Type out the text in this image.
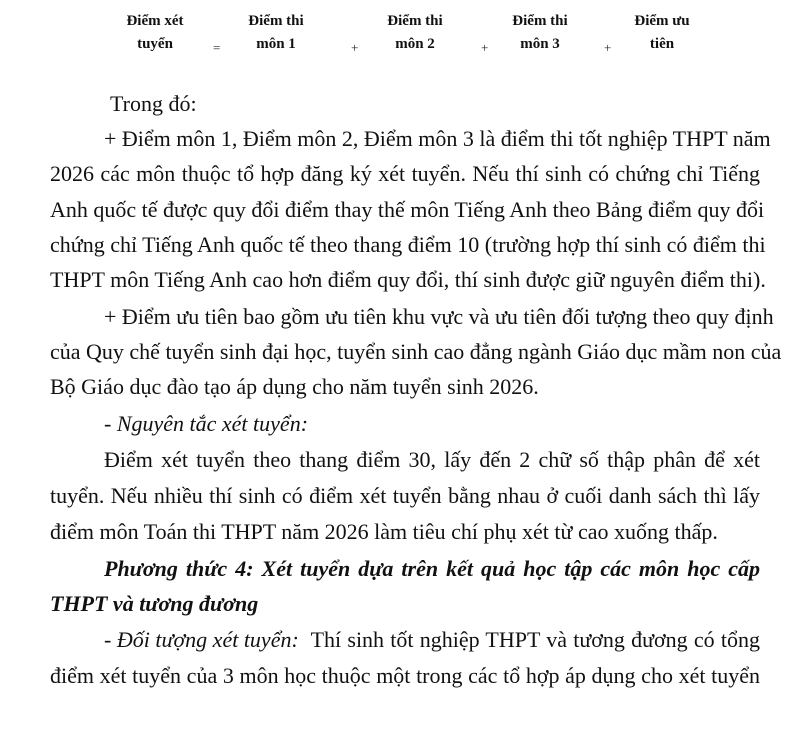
Điểm xét
tuyển	=
Điểm thi
môn 1	+
Điểm thi
môn 2	+
Điểm thi
môn 3	+
Điểm ưu
tiên
Trong đó:
+ Điểm môn 1, Điểm môn 2, Điểm môn 3 là điểm thi tốt nghiệp THPT năm
2026 các môn thuộc tổ hợp đăng ký xét tuyển. Nếu thí sinh có chứng chỉ Tiếng
Anh quốc tế được quy đổi điểm thay thế môn Tiếng Anh theo Bảng điểm quy đổi
chứng chỉ Tiếng Anh quốc tế theo thang điểm 10 (trường hợp thí sinh có điểm thi
THPT môn Tiếng Anh cao hơn điểm quy đổi, thí sinh được giữ nguyên điểm thi).
+ Điểm ưu tiên bao gồm ưu tiên khu vực và ưu tiên đối tượng theo quy định
của Quy chế tuyển sinh đại học, tuyển sinh cao đẳng ngành Giáo dục mầm non của
Bộ Giáo dục đào tạo áp dụng cho năm tuyển sinh 2026.
- Nguyên tắc xét tuyển:
Điểm xét tuyển theo thang điểm 30, lấy đến 2 chữ số thập phân để xét
tuyển. Nếu nhiều thí sinh có điểm xét tuyển bằng nhau ở cuối danh sách thì lấy
điểm môn Toán thi THPT năm 2026 làm tiêu chí phụ xét từ cao xuống thấp.
Phương thức 4: Xét tuyển dựa trên kết quả học tập các môn học cấp
THPT và tương đương
- Đối tượng xét tuyển: Thí sinh tốt nghiệp THPT và tương đương có tổng
điểm xét tuyển của 3 môn học thuộc một trong các tổ hợp áp dụng cho xét tuyển
